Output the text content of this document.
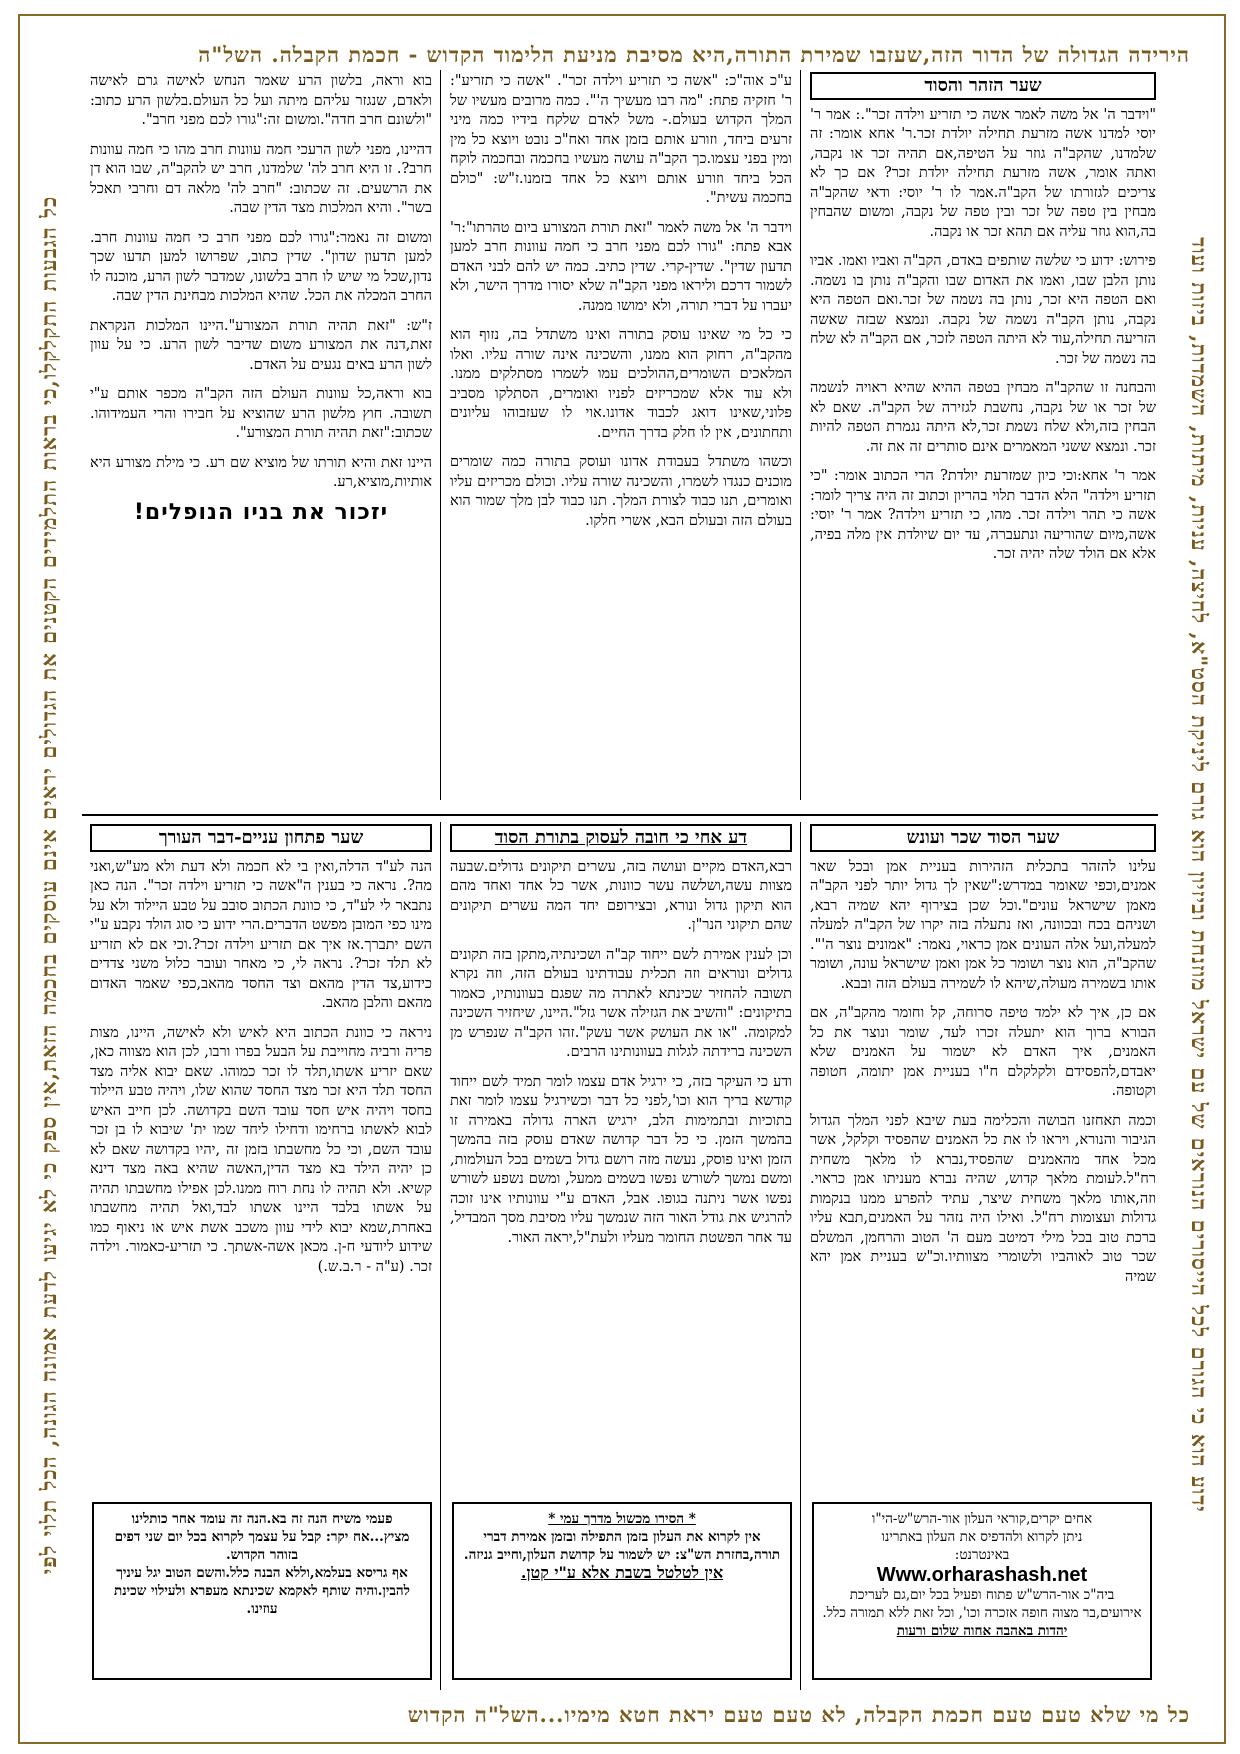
הירידה הגדולה של הדור הזה,שעזבו שמירת התורה,היא מסיבת מניעת הלימוד הקדוש - חכמת הקבלה. השל"ה
כל מי שלא טעם טעם חכמת הקבלה, לא טעם טעם יראת חטא מימיו...השל"ה הקדוש
כל הגבעות התקלקלו,כי בראות התלמידים הקטנים את הגדולים יראים אינם עוסקים בחכמה הזאת,אין ספק כי לא יגיעו לדעת אמונה הגונה, הכל תלוי לפי	ידוע הוא כי הגורם לכל הייסורים הנוראים של עם ישראל מוזנחת וביזיון הוא גורם ליניקת הסט"א, לחיצה, עניות, מיתות, השמדות, ביזות ועוד
שער הזהר והסוד

"וידבר ה' אל משה לאמר אשה כי תזריע וילדה זכר".: אמר ר' יוסי למדנו אשה מזרעת תחילה יולדת זכר.ר' אחא אומר: זה שלמדנו, שהקב"ה גוזר על הטיפה,אם תהיה זכר או נקבה, ואתה אומר, אשה מזרעת תחילה יולדת זכר? אם כך לא צריכים לגזורתו של הקב"ה.אמר לו ר' יוסי: ודאי שהקב"ה מבחין בין טפה של זכר ובין טפה של נקבה, ומשום שהבחין בה,הוא גוזר עליה אם תהא זכר או נקבה.

פירוש: ידוע כי שלשה שותפים באדם, הקב"ה ואביו ואמו. אביו נותן הלבן שבו, ואמו את האדום שבו והקב"ה נותן בו נשמה. ואם הטפה היא זכר, נותן בה נשמה של זכר.ואם הטפה היא נקבה, נותן הקב"ה נשמה של נקבה. ונמצא שבזה שאשה הזריעה תחילה,עוד לא היתה הטפה לזכר, אם הקב"ה לא שלח בה נשמה של זכר.

והבחנה זו שהקב"ה מבחין בטפה ההיא שהיא ראויה לנשמה של זכר או של נקבה, נחשבת לגזירה של הקב"ה. שאם לא הבחין בזה,ולא שלח נשמת זכר,לא היתה נגמרת הטפה להיות זכר. ונמצא ששני המאמרים אינם סותרים זה את זה.

אמר ר' אחא:וכי כיון שמזרעת יולדת? הרי הכתוב אומר: "כי תזריע וילדה" הלא הדבר תלוי בהריון וכתוב זה היה צריך לומר: אשה כי תהר וילדה זכר. מהו, כי תזריע וילדה? אמר ר' יוסי: אשה,מיום שהוריעה ונתעברה, עד יום שיולדת אין מלה בפיה, אלא אם הולד שלה יהיה זכר.

ע"כ אוה"כ: "אשה כי תזריע וילדה זכר". "אשה כי תזריע": ר' חזקיה פתח: "מה רבו מעשיך ה'". כמה מרובים מעשיו של המלך הקדוש בעולם.- משל לאדם שלקח בידיו כמה מיני זרעים ביחד, וזורע אותם בזמן אחד ואח"כ נובט ויוצא כל מין ומין בפני עצמו.כך הקב"ה עושה מעשיו בחכמה ובחכמה לוקח הכל ביחד וזורע אותם ויוצא כל אחד בזמנו.ז"ש: "כולם בחכמה עשית".

וידבר ה' אל משה לאמר "זאת תורת המצורע ביום טהרתו":ר' אבא פתח: "גורו לכם מפני חרב כי חמה עוונות חרב למען תדעון שדין". שדין-קרי. שדין כתיב. כמה יש להם לבני האדם לשמור דרכם וליראו מפני הקב"ה שלא יסורו מדרך הישר, ולא יעברו על דברי תורה, ולא ימושו ממנה.

כי כל מי שאינו עוסק בתורה ואינו משתדל בה, נזוף הוא מהקב"ה, רחוק הוא ממנו, והשכינה אינה שורה עליו. ואלו המלאכים השומרים,ההולכים עמו לשמרו מסתלקים ממנו. ולא עוד אלא שמכריזים לפניו ואומרים, הסתלקו מסביב פלוני,שאינו דואג לכבוד אדונו.אוי לו שעזבוהו עליונים ותחתונים, אין לו חלק בדרך החיים.

וכשהו משתדל בעבודת אדונו ועוסק בתורה כמה שומרים מוכנים כנגדו לשמרו, והשכינה שורה עליו. וכולם מכריזים עליו ואומרים, תנו כבוד לצורת המלך. תנו כבוד לבן מלך שמור הוא בעולם הזה ובעולם הבא, אשרי חלקו.

בוא וראה, בלשון הרע שאמר הנחש לאישה גרם לאישה ולאדם, שנגזר עליהם מיתה ועל כל העולם.בלשון הרע כתוב: "ולשונם חרב חדה".ומשום זה:"גורו לכם מפני חרב".

דהיינו, מפני לשון הרעכי חמה עוונות חרב מהו כי חמה עוונות חרב?. זו היא חרב לה' שלמדנו, חרב יש להקב"ה, שבו הוא דן את הרשעים. זה שכתוב: "חרב לה' מלאה דם וחרבי תאכל בשר". והיא המלכות מצד הדין שבה.

ומשום זה נאמר:"גורו לכם מפני חרב כי חמה עוונות חרב. למען תדעון שדון". שדין כתוב, שפרושו למען תדעו שכך נדון,שכל מי שיש לו חרב בלשונו, שמדבר לשון הרע, מוכנה לו החרב המכלה את הכל. שהיא המלכות מבחינת הדין שבה.

ז"ש: "זאת תהיה תורת המצורע".היינו המלכות הנקראת זאת,דנה את המצורע משום שדיבר לשון הרע. כי על עוון לשון הרע באים נגעים על האדם.

בוא וראה,כל עוונות העולם הזה הקב"ה מכפר אותם ע"י תשובה. חוץ מלשון הרע שהוציא על חבירו והרי העמידוהו. שכתוב:"זאת תהיה תורת המצורע".

היינו זאת והיא תורתו של מוציא שם רע. כי מילת מצורע היא אותיות,מוציא,רע.

יזכור את בניו הנופלים!
שער הסוד שכר ועונש

עלינו להזהר בתכלית הזהירות בעניית אמן ובכל שאר אמנים,וכפי שאומר במדרש:"שאין לך גדול יותר לפני הקב"ה מאמן שישראל עונים".וכל שכן בצירוף יהא שמיה רבא, ושניהם בכח ובכוונה, ואז נתעלה בזה יקרו של הקב"ה למעלה למעלה,ועל אלה העונים אמן כראוי, נאמר: "אמונים נוצר ה'". שהקב"ה, הוא נוצר ושומר כל אמן ואמן שישראל עונה, ושומר אותו בשמירה מעולה,שיהא לו לשמירה בעולם הזה ובבא.

אם כן, איך לא ילמד טיפה סרוחה, קל וחומר מהקב"ה, אם הבורא ברוך הוא יתעלה זכרו לעד, שומר ונוצר את כל האמנים, איך האדם לא ישמור על האמנים שלא יאבדם,להפסידם ולקלקלם ח"ו בעניית אמן יתומה, חטופה וקטופה.

וכמה תאחזנו הבושה והכלימה בעת שיבא לפני המלך הגדול הגיבור והנורא, ויראו לו את כל האמנים שהפסיד וקלקל, אשר מכל אחד מהאמנים שהפסיד,נברא לו מלאך משחית רח"ל.לעומת מלאך קדוש, שהיה נברא מעניתו אמן כראוי. וזה,אותו מלאך משחית שיצר, עתיד להפרע ממנו בנקמות גדולות ועצומות רח"ל. ואילו היה נזהר על האמנים,תבא עליו ברכת טוב בכל מילי דמיטב מעם ה' הטוב והרחמן, המשלם שכר טוב לאוהביו ולשומרי מצוותיו.וכ"ש בעניית אמן יהא שמיה

דע אחי כי חובה לעסוק בתורת הסוד

רבא,האדם מקיים ועושה בזה, עשרים תיקונים גדולים.שבעה מצוות עשה,ושלשה עשר כוונות, אשר כל אחד ואחד מהם הוא תיקון גדול ונורא, ובצירופם יחד המה עשרים תיקונים שהם תיקוני הנר"ן.

וכן לענין אמירת לשם ייחוד קב"ה ושכינתיה,מתקן בזה תקונים גדולים ונוראים וזה תכלית עבודתינו בעולם הזה, וזה נקרא תשובה להחזיר שכינתא לאתרה מה שפגם בעוונותיו, כאמור בתיקונים: "והשיב את הגזילה אשר גזל".היינו, שיחזיר השכינה למקומה. "או את העושק אשר עשק".זהו הקב"ה שנפרש מן השכינה ברידתה לגלות בעוונותינו הרבים.

ודע כי העיקר בזה, כי ירגיל אדם עצמו לומר תמיד לשם ייחוד קודשא בריך הוא וכו',לפני כל דבר וכשירגיל עצמו לומר זאת בתוכיות ובתמימות הלב, ירגיש הארה גדולה באמירה זו בהמשך הזמן. כי כל דבר קדושה שאדם עוסק בזה בהמשך הזמן ואינו פוסק, נעשה מזה רושם גדול בשמים בכל העולמות, ומשם נמשך לשורש נפשו בשמים ממעל, ומשם נשפע לשורש נפשו אשר ניתנה בגופו. אבל, האדם ע"י עוונותיו אינו זוכה להרגיש את גודל האור הזה שנמשך עליו מסיבת מסך המבדיל, עד אחר הפשטת החומר מעליו ולעת"ל,יראה האור.

שער פתחון עניים-דבר העורך

הנה לע"ד הדלה,ואין בי לא חכמה ולא דעת ולא מע"ש,ואני מה?. נראה כי בענין ה"אשה כי תזריע וילדה זכר". הנה כאן נתבאר לי לע"ד, כי כוונת הכתוב סובב על טבע היילוד ולא על מינו כפי המובן מפשט הדברים.הרי ידוע כי סוג הולד נקבע ע"י השם יתברך.אז איך אם תזריע וילדה זכר?.וכי אם לא תזריע לא תלד זכר?. נראה לי, כי מאחר ועובר כלול משני צדדים כידוע,צד הדין מהאם וצד החסד מהאב,כפי שאמר האדום מהאם והלבן מהאב.

ניראה כי כוונת הכתוב היא לאיש ולא לאישה, היינו, מצות פריה ורביה מחוייבת על הבעל בפרו ורבו, לכן הוא מצווה כאן, שאם יזריע אשתו,תלד לו זכר כמוהו. שאם יבוא אליה מצד החסד תלד היא זכר מצד החסד שהוא שלו, ויהיה טבע היילוד בחסד ויהיה איש חסד עובד השם בקדושה. לכן חייב האיש לבוא לאשתו ברחימו ודחילו ליחד שמו ית' שיבוא לו בן זכר עובד השם, וכי כל מחשבתו בזמן זה ,יהיו בקדושה שאם לא כן יהיה הילד בא מצד הדין,האשה שהיא באה מצד דינא קשיא. ולא תהיה לו נחת רוח ממנו.לכן אפילו מחשבתו תהיה על אשתו בלבד היינו אשתו לבד,ואל תהיה מחשבתו באחרת,שמא יבוא לידי עוון משכב אשת איש או ניאוף כמו שידוע ליודעי ח-ן. מכאן אשה-אשתך. כי תזריע-כאמור. וילדה זכר. (ע"ה - ר.ב.ש.)

אחים יקרים,קוראי העלון אור-הרש"ש-הי"ו
ניתן לקרוא ולהדפיס את העלון באתרינו
באינטרנט:
Www.orharashash.net
ביה"כ אור-הרש"ש פתוח ופעיל בכל יום,גם לעריכת אירועים,בר מצוה חופה אזכרה וכו', וכל זאת ללא תמורה כלל.
יהדות באהבה אחוה שלום ורעות
* הסירו מכשול מדרך עמי *
אין לקרוא את העלון בזמן התפילה ובזמן אמירת דברי תורה,בחזרת הש"צ: יש לשמור על קדושת העלון,וחייב גניזה.
אין לטלטל בשבת אלא ע"י קטן.
פעמי משיח הנה זה בא.הנה זה עומד אחר כותלינו מציץ...אח יקר: קבל על עצמך לקרוא בכל יום שני דפים בזוהר הקדוש.
אף גריסא בעלמא,וללא הבנה כלל.והשם הטוב יגל עיניך להבין.והיה שותף לאקמא שכינתא מעפרא ולעילוי שכינת עוזינו.
